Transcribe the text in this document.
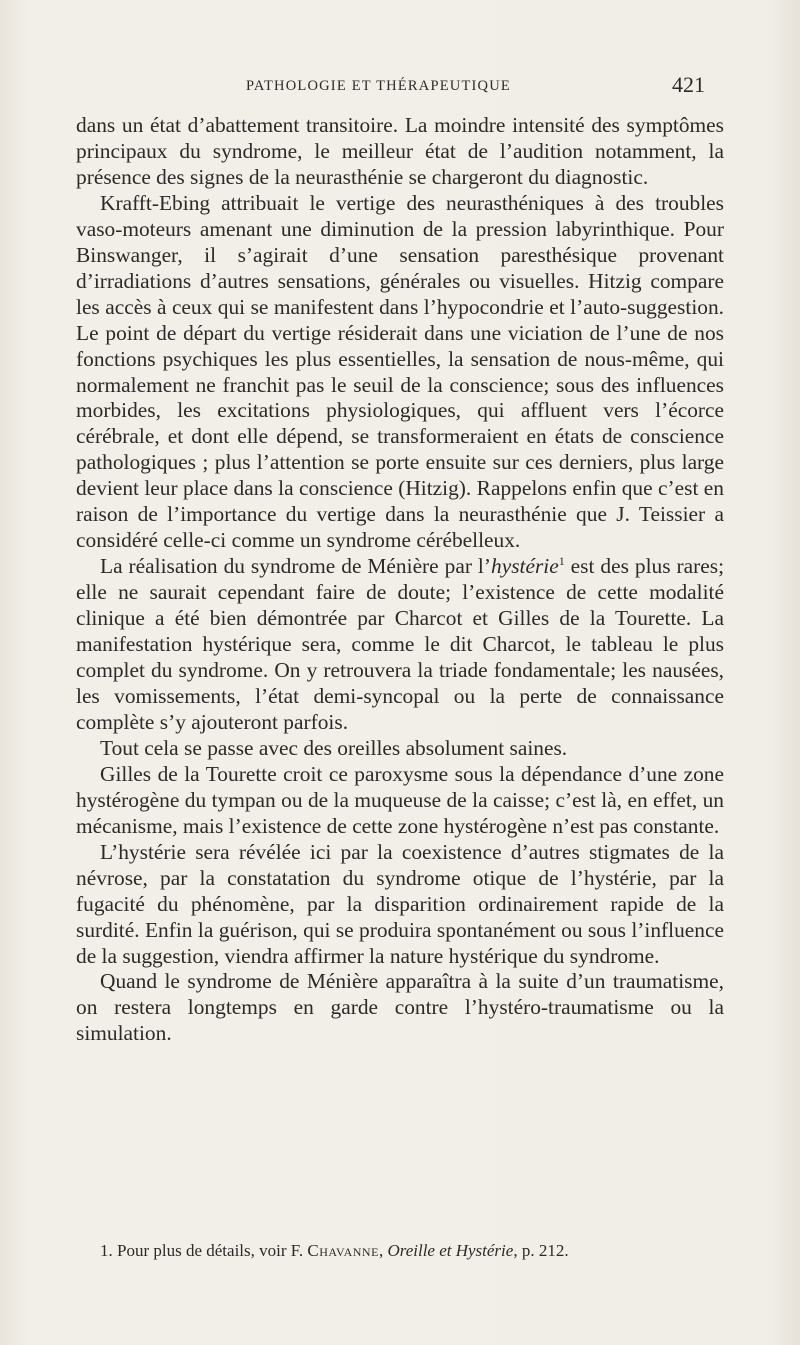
PATHOLOGIE ET THÉRAPEUTIQUE	421

dans un état d’abattement transitoire. La moindre intensité des symptômes principaux du syndrome, le meilleur état de l’audition notamment, la présence des signes de la neurasthénie se chargeront du diagnostic.

Krafft-Ebing attribuait le vertige des neurasthéniques à des troubles vaso-moteurs amenant une diminution de la pression labyrinthique. Pour Binswanger, il s’agirait d’une sensation paresthésique provenant d’irradiations d’autres sensations, générales ou visuelles. Hitzig compare les accès à ceux qui se manifestent dans l’hypocondrie et l’auto-suggestion. Le point de départ du vertige résiderait dans une viciation de l’une de nos fonctions psychiques les plus essentielles, la sensation de nous-même, qui normalement ne franchit pas le seuil de la conscience; sous des influences morbides, les excitations physiologiques, qui affluent vers l’écorce cérébrale, et dont elle dépend, se transformeraient en états de conscience pathologiques ; plus l’attention se porte ensuite sur ces derniers, plus large devient leur place dans la conscience (Hitzig). Rappelons enfin que c’est en raison de l’importance du vertige dans la neurasthénie que J. Teissier a considéré celle-ci comme un syndrome cérébelleux.

La réalisation du syndrome de Ménière par l’hystérie$^1$ est des plus rares; elle ne saurait cependant faire de doute; l’existence de cette modalité clinique a été bien démontrée par Charcot et Gilles de la Tourette. La manifestation hystérique sera, comme le dit Charcot, le tableau le plus complet du syndrome. On y retrouvera la triade fondamentale; les nausées, les vomissements, l’état demi-syncopal ou la perte de connaissance complète s’y ajouteront parfois.

Tout cela se passe avec des oreilles absolument saines.

Gilles de la Tourette croit ce paroxysme sous la dépendance d’une zone hystérogène du tympan ou de la muqueuse de la caisse; c’est là, en effet, un mécanisme, mais l’existence de cette zone hystérogène n’est pas constante.

L’hystérie sera révélée ici par la coexistence d’autres stigmates de la névrose, par la constatation du syndrome otique de l’hystérie, par la fugacité du phénomène, par la disparition ordinairement rapide de la surdité. Enfin la guérison, qui se produira spontanément ou sous l’influence de la suggestion, viendra affirmer la nature hystérique du syndrome.

Quand le syndrome de Ménière apparaîtra à la suite d’un traumatisme, on restera longtemps en garde contre l’hystéro-traumatisme ou la simulation.

1. Pour plus de détails, voir F. Chavanne, Oreille et Hystérie, p. 212.
